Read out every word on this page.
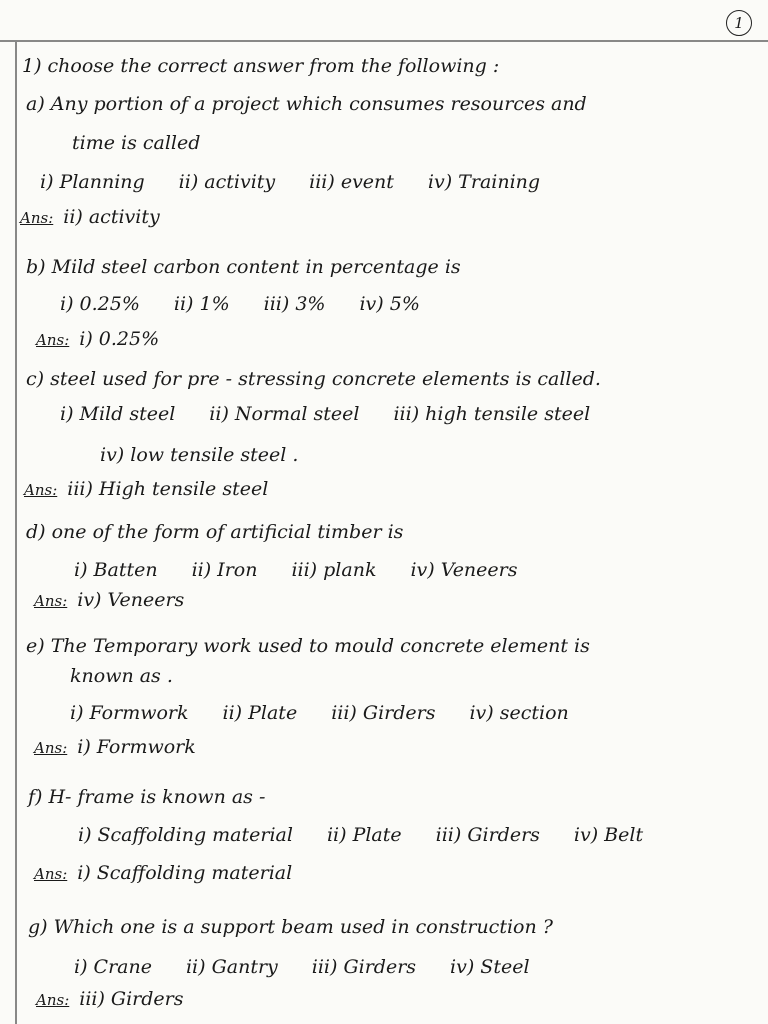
1
1) choose the correct answer from the following :
a) Any portion of a project which consumes resources and
time is called
i) Planning ii) activity iii) event iv) Training
Ans: ii) activity
b) Mild steel carbon content in percentage is
i) 0.25% ii) 1% iii) 3% iv) 5%
Ans: i) 0.25%
c) steel used for pre - stressing concrete elements is called.
i) Mild steel ii) Normal steel iii) high tensile steel
iv) low tensile steel .
Ans: iii) High tensile steel
d) one of the form of artificial timber is
i) Batten ii) Iron iii) plank iv) Veneers
Ans: iv) Veneers
e) The Temporary work used to mould concrete element is
known as .
i) Formwork ii) Plate iii) Girders iv) section
Ans: i) Formwork
f) H- frame is known as -
i) Scaffolding material ii) Plate iii) Girders iv) Belt
Ans: i) Scaffolding material
g) Which one is a support beam used in construction ?
i) Crane ii) Gantry iii) Girders iv) Steel
Ans: iii) Girders
